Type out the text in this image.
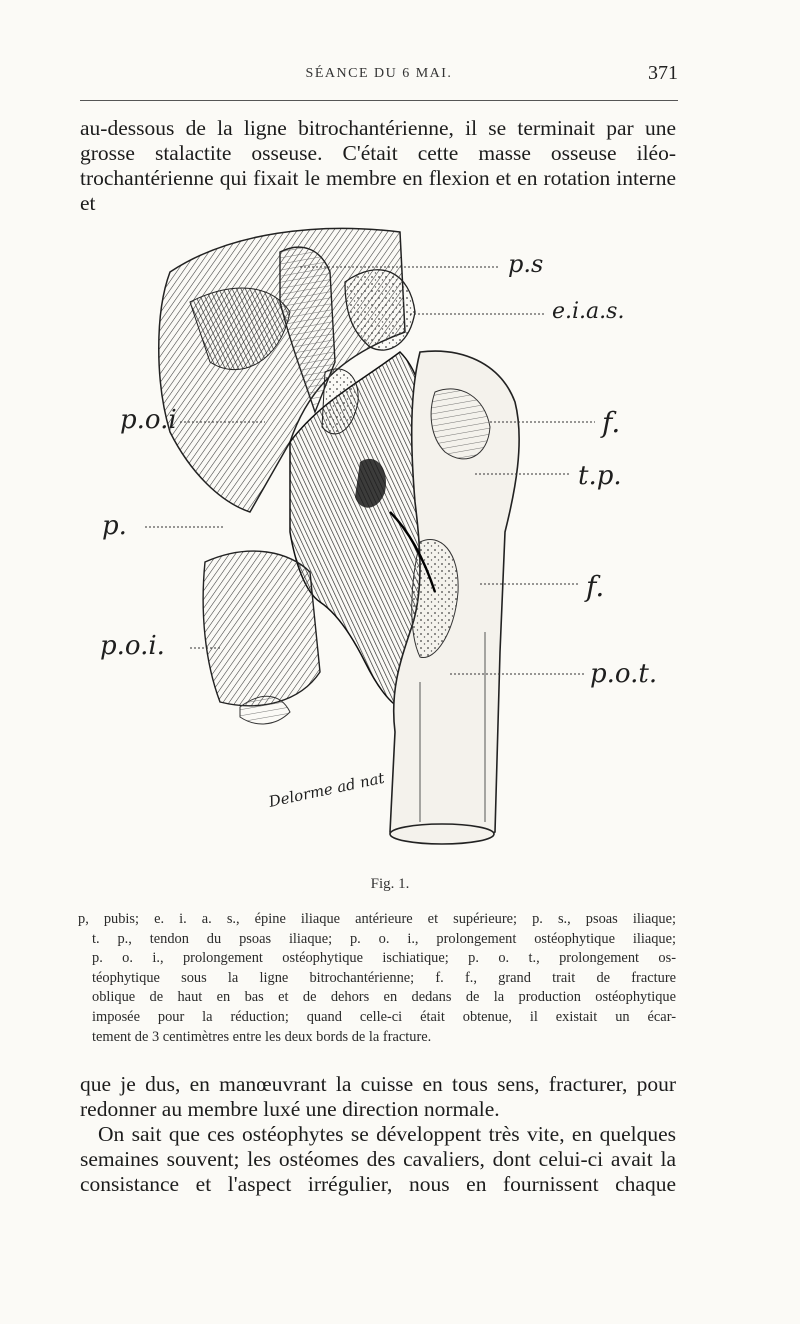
SÉANCE DU 6 MAI.	371

au-dessous de la ligne bitrochantérienne, il se terminait par une grosse stalactite osseuse. C'était cette masse osseuse iléo-trochantérienne qui fixait le membre en flexion et en rotation interne et

p.s
e.i.a.s.
p.o.i	f.
t.p.
p.
f.
p.o.i.
p.o.t.
Delorme ad nat
Fig. 1.
p, pubis; e. i. a. s., épine iliaque antérieure et supérieure; p. s., psoas iliaque;
t. p., tendon du psoas iliaque; p. o. i., prolongement ostéophytique iliaque;
p. o. i., prolongement ostéophytique ischiatique; p. o. t., prolongement os-
téophytique sous la ligne bitrochantérienne; f. f., grand trait de fracture
oblique de haut en bas et de dehors en dedans de la production ostéophytique
imposée pour la réduction; quand celle-ci était obtenue, il existait un écar-
tement de 3 centimètres entre les deux bords de la fracture.

que je dus, en manœuvrant la cuisse en tous sens, fracturer, pour redonner au membre luxé une direction normale.

On sait que ces ostéophytes se développent très vite, en quelques semaines souvent; les ostéomes des cavaliers, dont celui-ci avait la consistance et l'aspect irrégulier, nous en fournissent chaque
